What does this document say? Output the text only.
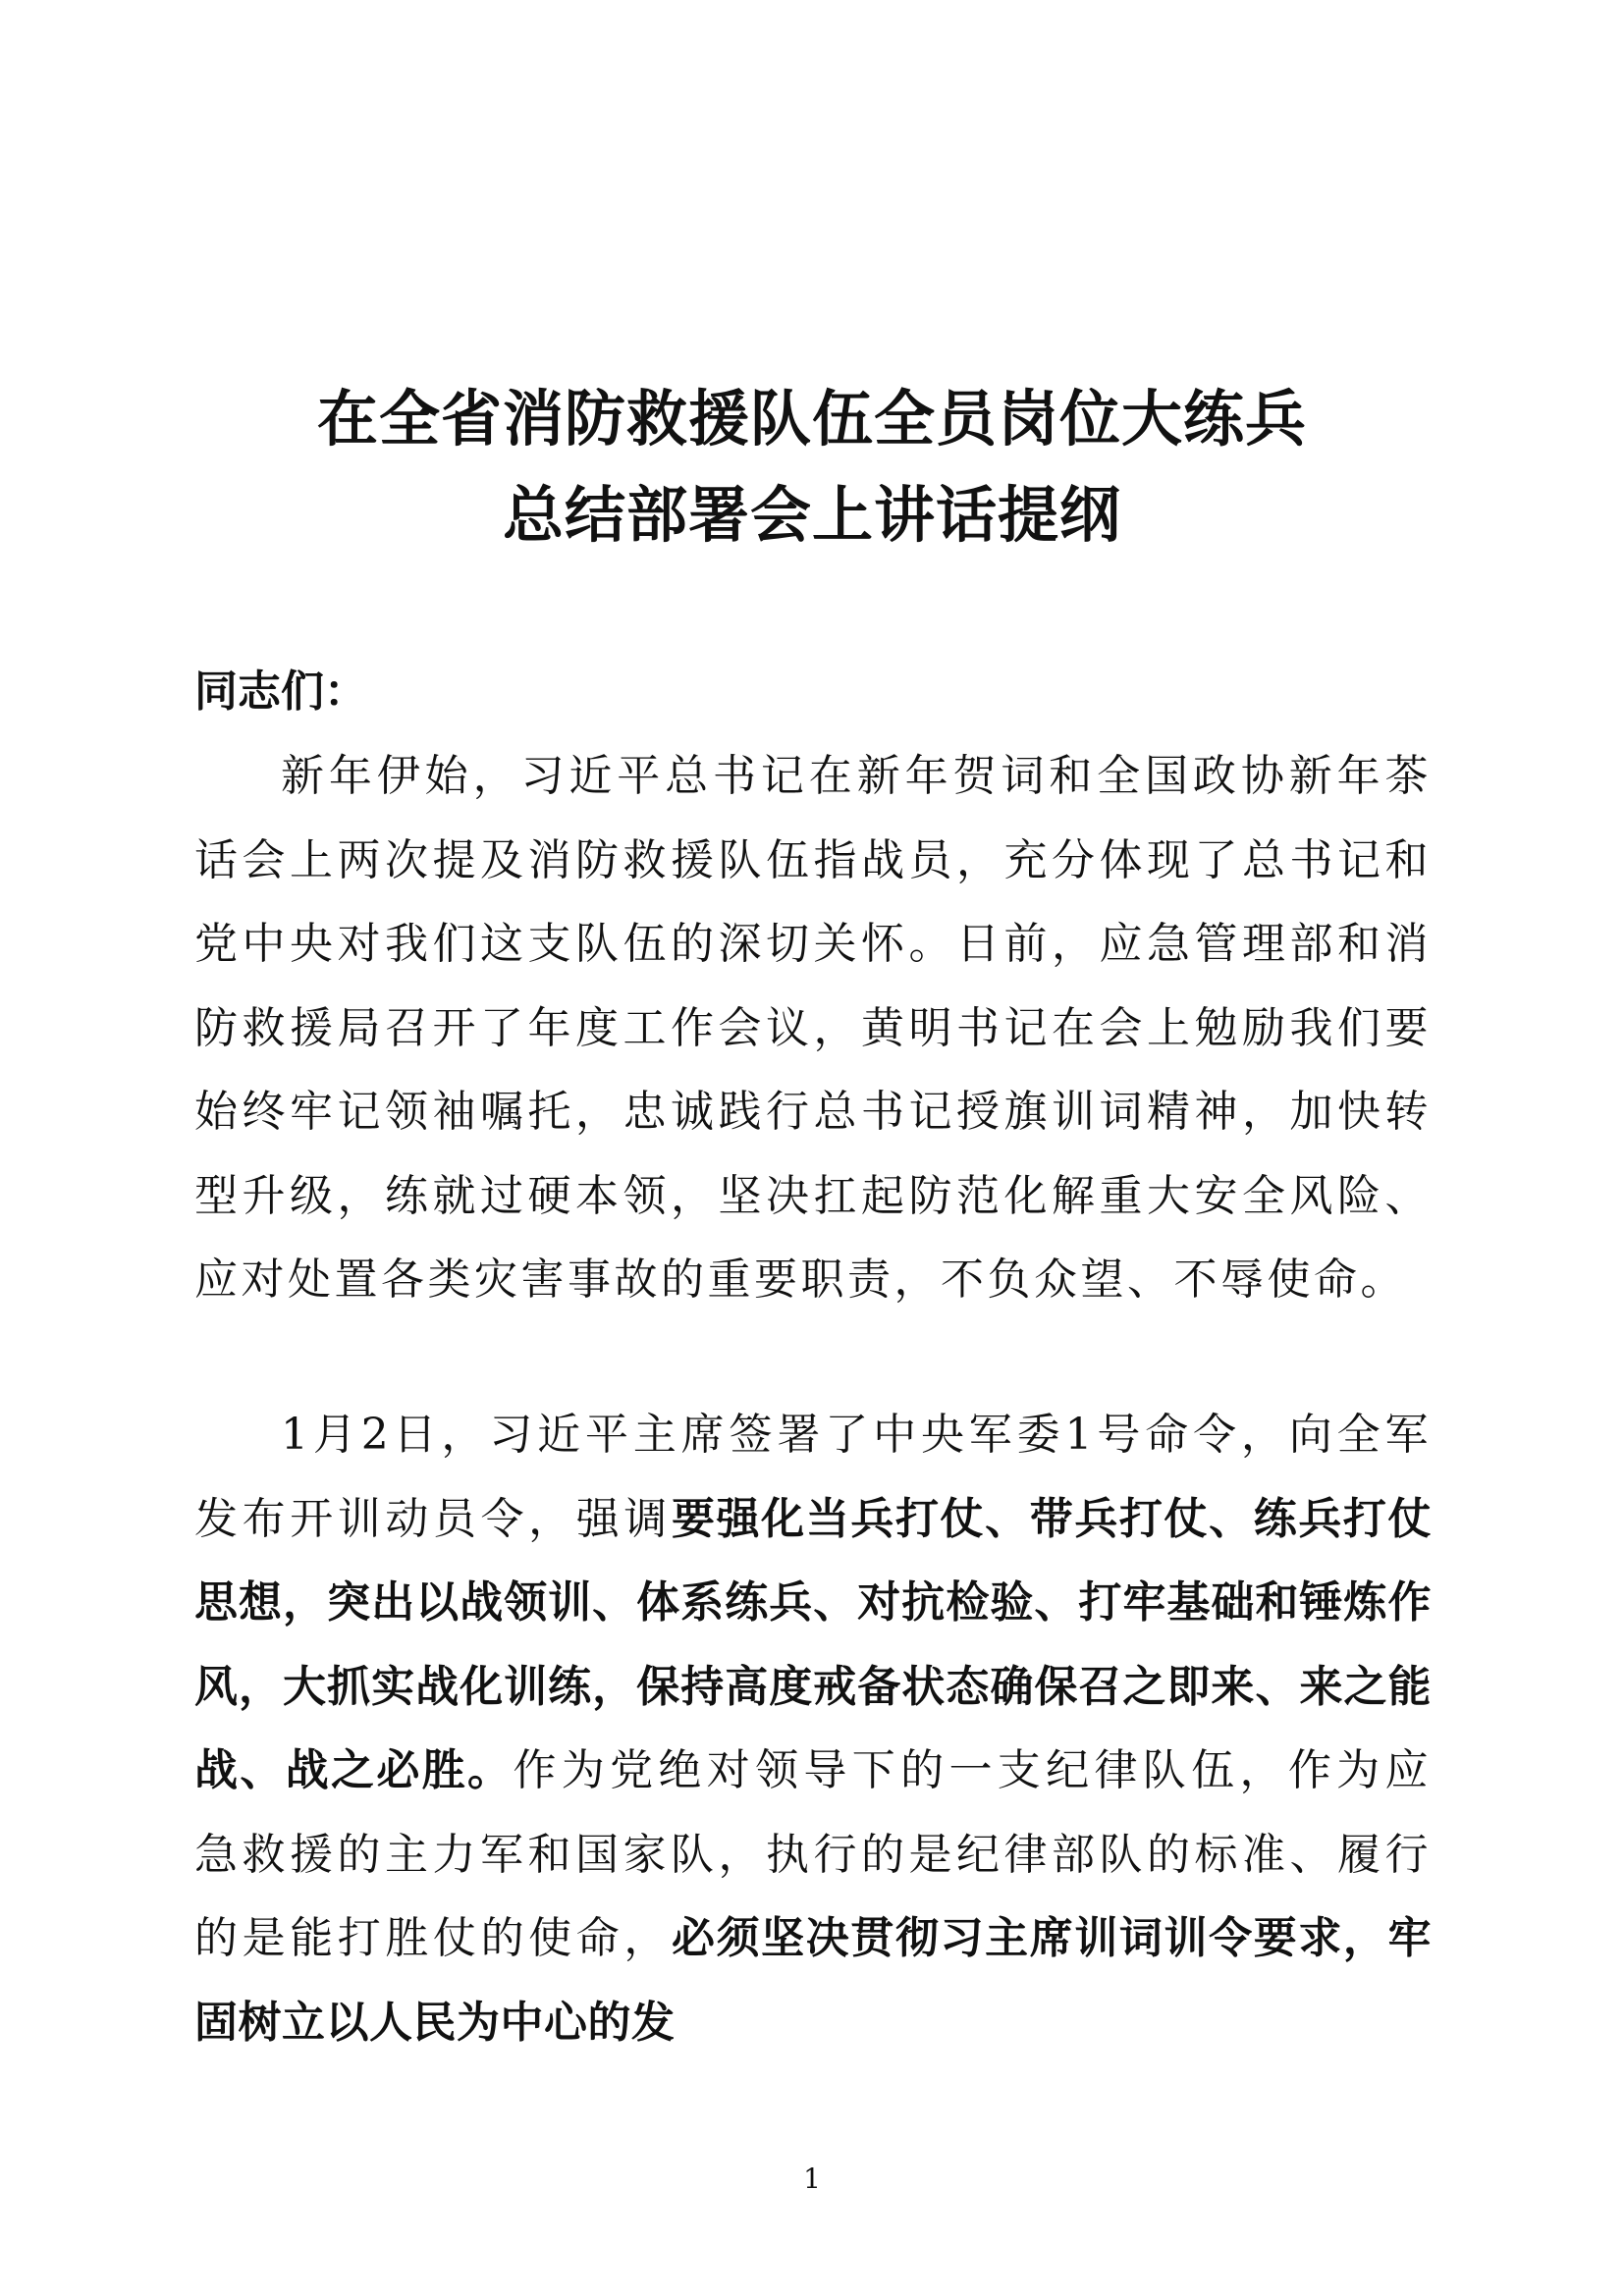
在全省消防救援队伍全员岗位大练兵
总结部署会上讲话提纲
同志们：

新年伊始，习近平总书记在新年贺词和全国政协新年茶话会上两次提及消防救援队伍指战员，充分体现了总书记和党中央对我们这支队伍的深切关怀。日前，应急管理部和消防救援局召开了年度工作会议，黄明书记在会上勉励我们要始终牢记领袖嘱托，忠诚践行总书记授旗训词精神，加快转型升级，练就过硬本领，坚决扛起防范化解重大安全风险、应对处置各类灾害事故的重要职责，不负众望、不辱使命。

1月2日，习近平主席签署了中央军委1号命令，向全军发布开训动员令，强调要强化当兵打仗、带兵打仗、练兵打仗思想，突出以战领训、体系练兵、对抗检验、打牢基础和锤炼作风，大抓实战化训练，保持高度戒备状态确保召之即来、来之能战、战之必胜。作为党绝对领导下的一支纪律队伍，作为应急救援的主力军和国家队，执行的是纪律部队的标准、履行的是能打胜仗的使命，必须坚决贯彻习主席训词训令要求，牢固树立以人民为中心的发

1
